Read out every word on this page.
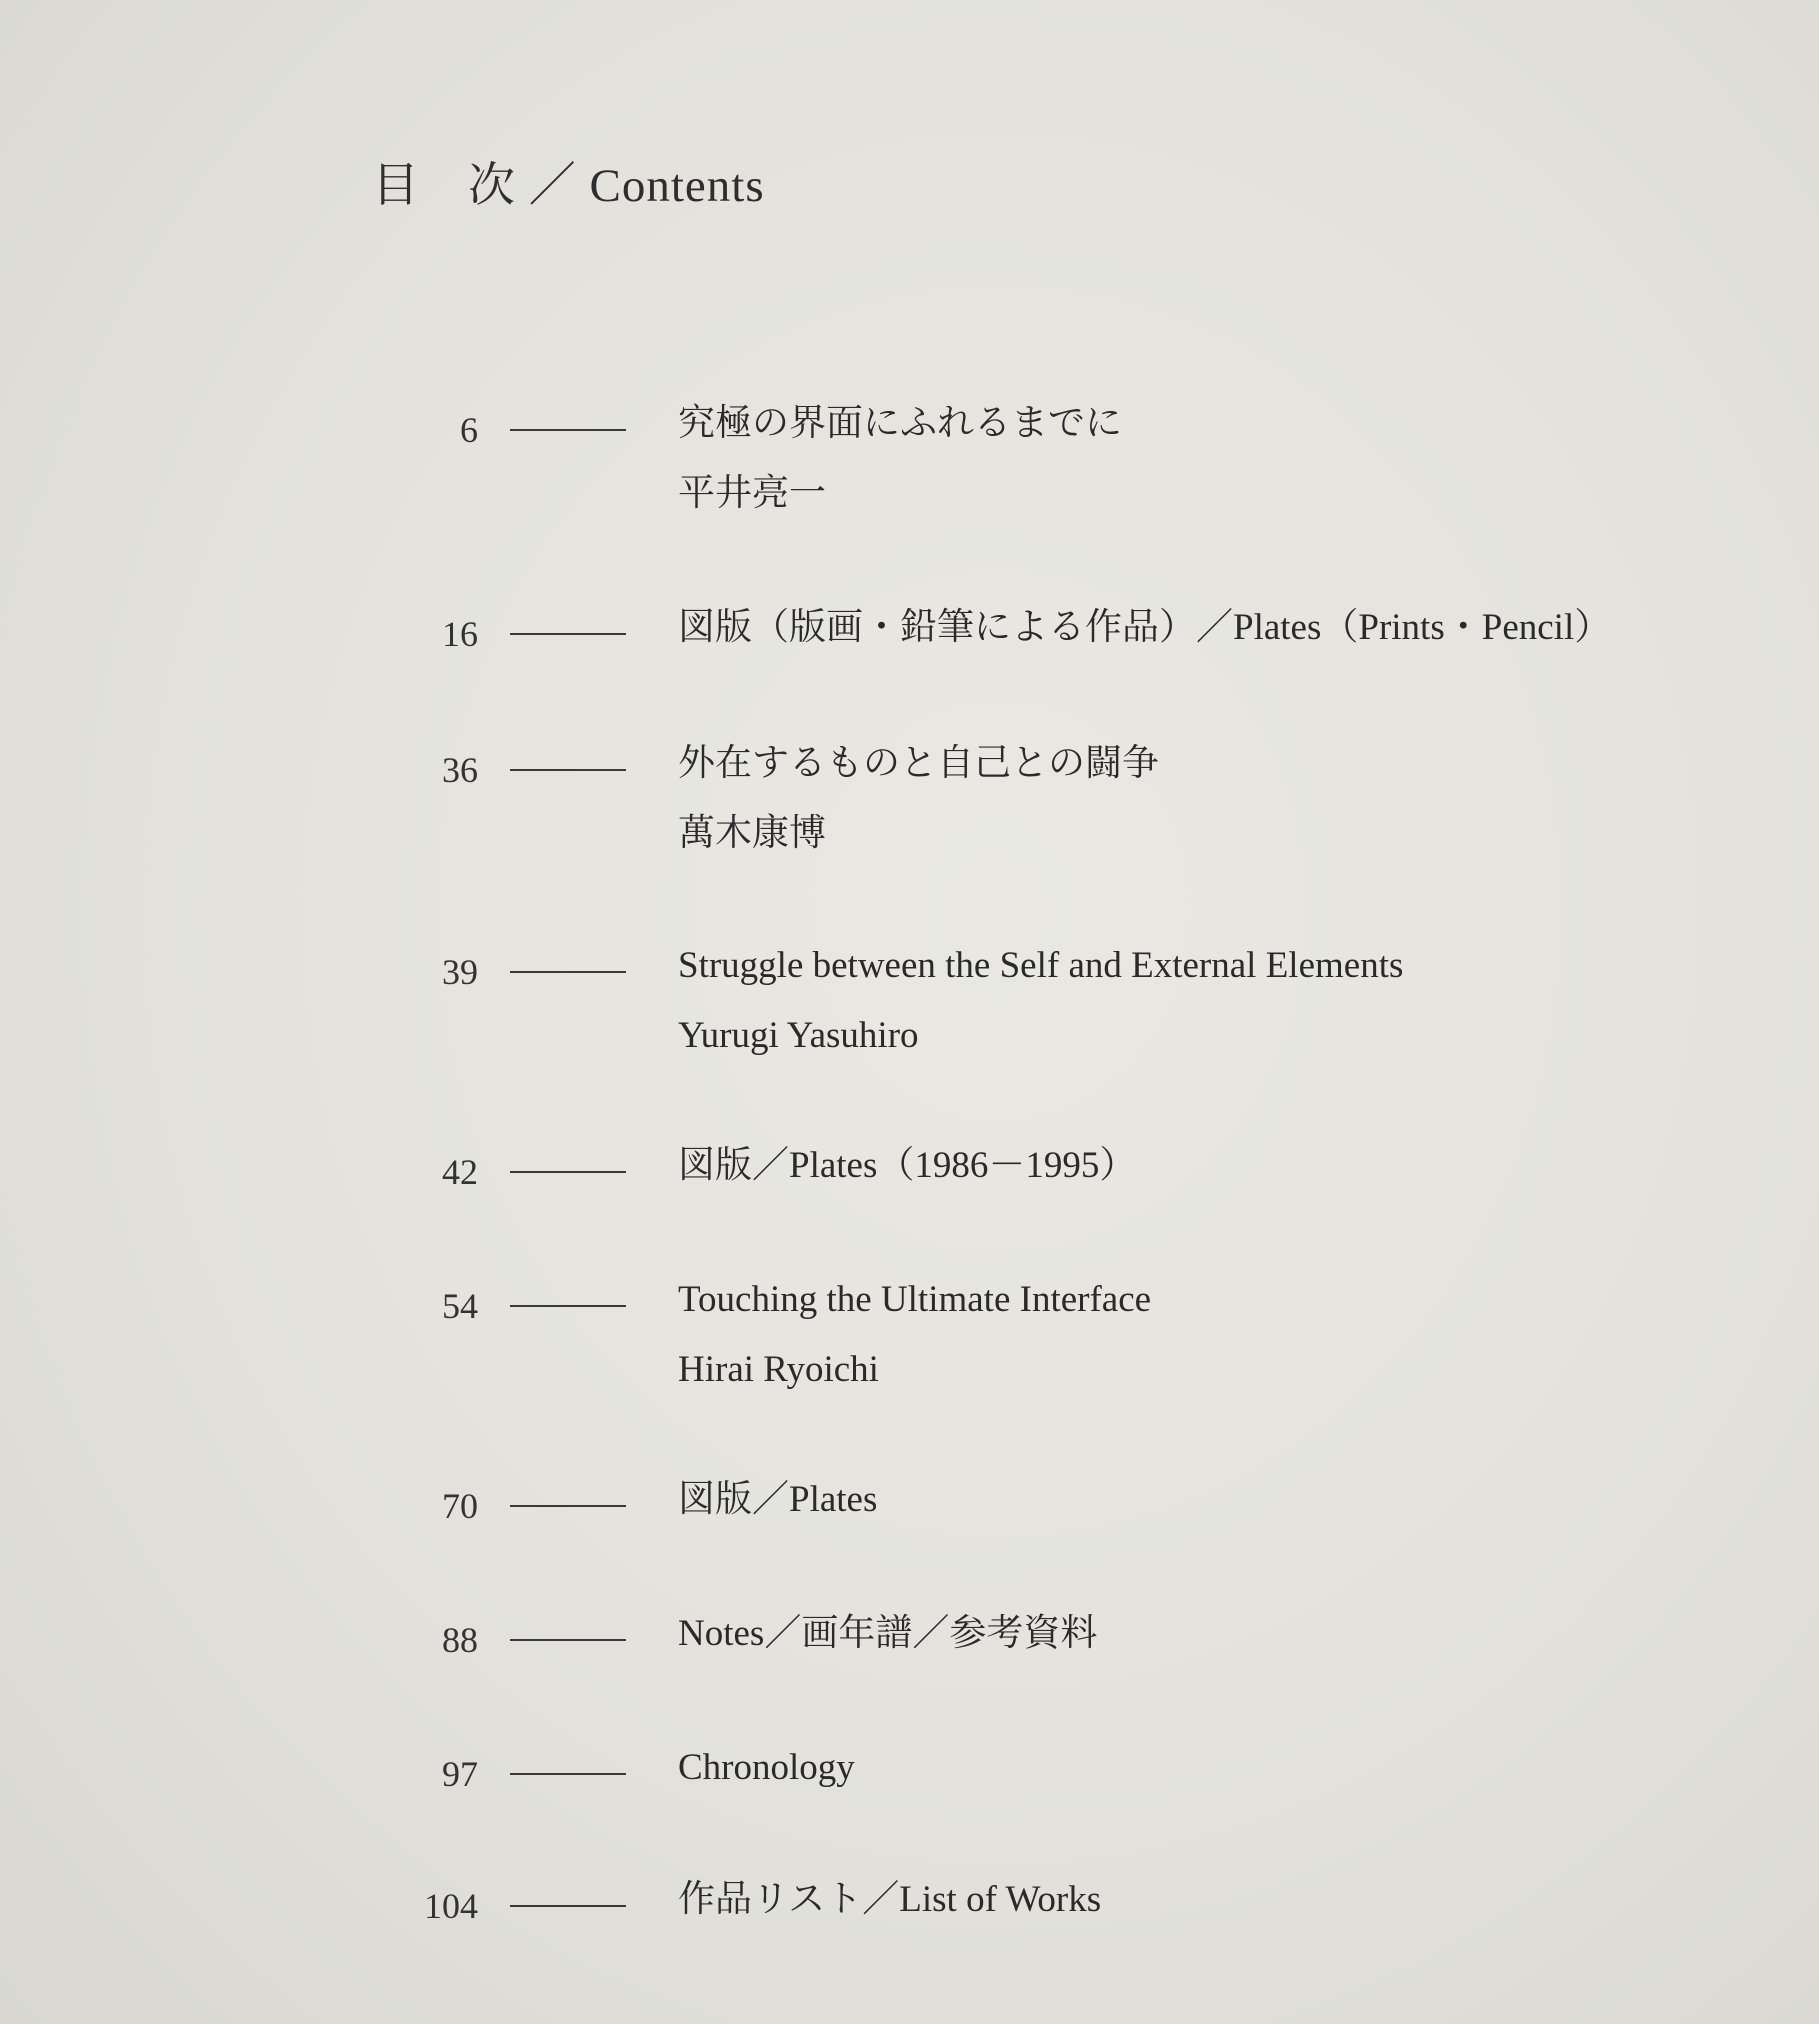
目　次 ／ Contents
6	究極の界面にふれるまでに
平井亮一
16	図版（版画・鉛筆による作品）／Plates（Prints・Pencil）
36	外在するものと自己との闘争
萬木康博
39	Struggle between the Self and External Elements
Yurugi Yasuhiro
42	図版／Plates（1986－1995）
54	Touching the Ultimate Interface
Hirai Ryoichi
70	図版／Plates
88	Notes／画年譜／参考資料
97	Chronology
104	作品リスト／List of Works
